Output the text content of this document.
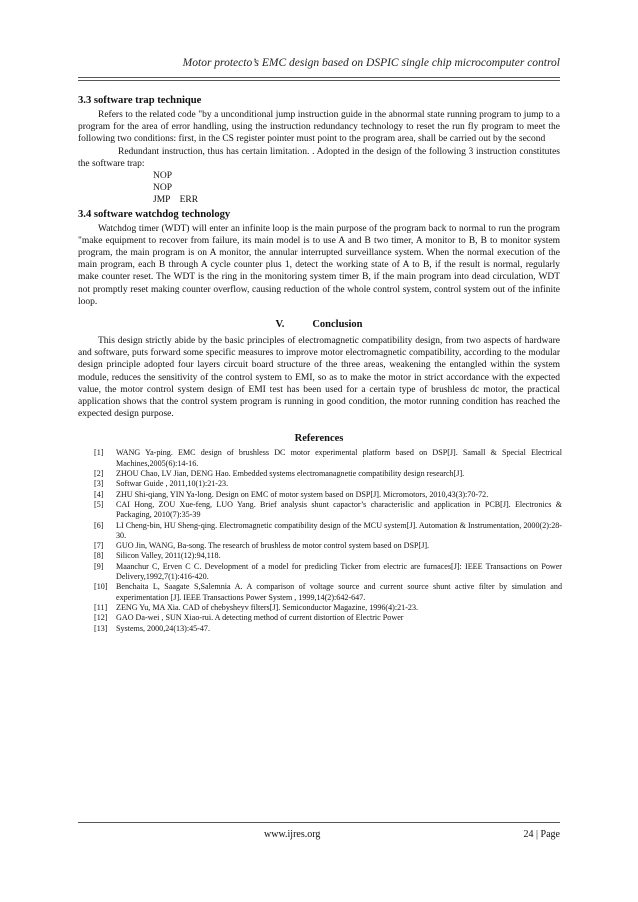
Motor protecto’s EMC design based on DSPIC single chip microcomputer control
3.3 software trap technique

Refers to the related code "by a unconditional jump instruction guide in the abnormal state running program to jump to a program for the area of error handling, using the instruction redundancy technology to reset the run fly program to meet the following two conditions: first, in the CS register pointer must point to the program area, shall be carried out by the second

Redundant instruction, thus has certain limitation. . Adopted in the design of the following 3 instruction constitutes the software trap:

NOP
NOP
JMP    ERR
3.4 software watchdog technology

Watchdog timer (WDT) will enter an infinite loop is the main purpose of the program back to normal to run the program "make equipment to recover from failure, its main model is to use A and B two timer, A monitor to B, B to monitor system program, the main program is on A monitor, the annular interrupted surveillance system. When the normal execution of the main program, each B through A cycle counter plus 1, detect the working state of A to B, if the result is normal, regularly make counter reset. The WDT is the ring in the monitoring system timer B, if the main program into dead circulation, WDT not promptly reset making counter overflow, causing reduction of the whole control system, control system out of the infinite loop.

V.	Conclusion

This design strictly abide by the basic principles of electromagnetic compatibility design, from two aspects of hardware and software, puts forward some specific measures to improve motor electromagnetic compatibility, according to the modular design principle adopted four layers circuit board structure of the three areas, weakening the entangled within the system module, reduces the sensitivity of the control system to EMI, so as to make the motor in strict accordance with the expected value, the motor control system design of EMI test has been used for a certain type of brushless dc motor, the practical application shows that the control system program is running in good condition, the motor running condition has reached the expected design purpose.

References
[1]	WANG Ya-ping. EMC design of brushless DC motor experimental platform based on DSP[J]. Samall & Special Electrical Machines,2005(6):14-16.
[2]	ZHOU Chao, LV Jian, DENG Hao. Embedded systems electromanagnetie compatibility design research[J].
[3]	Softwar Guide , 2011,10(1):21-23.
[4]	ZHU Shi-qiang, YIN Ya-long. Design on EMC of motor system based on DSP[J]. Micromotors, 2010,43(3):70-72.
[5]	CAI Hong, ZOU Xue-feng, LUO Yang. Brief analysis shunt capactor’s characterislic and application in PCB[J]. Electronics & Packaging, 2010(7):35-39
[6]	LI Cheng-bin, HU Sheng-qing. Electromagnetic compatibility design of the MCU system[J]. Automation & Instrumentation, 2000(2):28-30.
[7]	GUO Jin, WANG, Ba-song. The research of brushless de motor control system based on DSP[J].
[8]	Silicon Valley, 2011(12):94,118.
[9]	Maanchur C, Erven C C. Development of a model for predicling Ticker from electric are furnaces[J]: IEEE Transactions on Power Delivery,1992,7(1):416-420.
[10]	Benchaita L, Saagate S,Salemnia A. A comparison of voltage source and current source shunt active filter by simulation and experimentation [J]. IEEE Transactions Power System , 1999,14(2):642-647.
[11]	ZENG Yu, MA Xia. CAD of chebysheyv filters[J]. Semiconductor Magazine, 1996(4):21-23.
[12]	GAO Da-wei , SUN Xiao-rui. A detecting method of current distortion of Electric Power
[13]	Systems, 2000,24(13):45-47.
www.ijres.org	24 | Page
